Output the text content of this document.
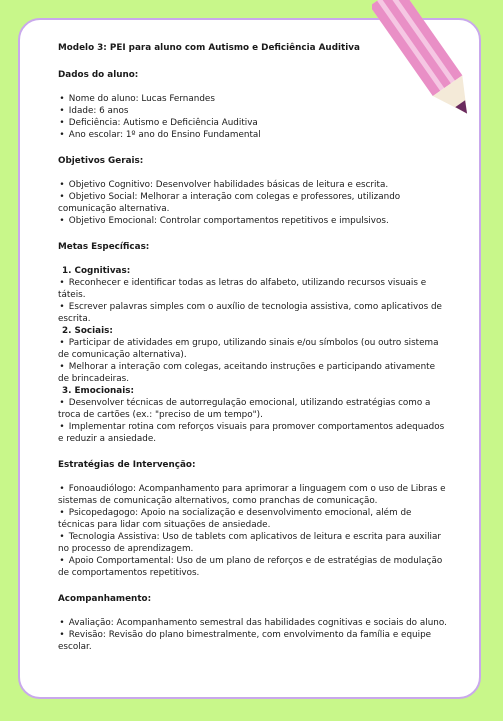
Modelo 3: PEI para aluno com Autismo e Deficiência Auditiva

Dados do aluno:

• Nome do aluno: Lucas Fernandes

• Idade: 6 anos

• Deficiência: Autismo e Deficiência Auditiva

• Ano escolar: 1º ano do Ensino Fundamental

Objetivos Gerais:

• Objetivo Cognitivo: Desenvolver habilidades básicas de leitura e escrita.

• Objetivo Social: Melhorar a interação com colegas e professores, utilizando comunicação alternativa.

• Objetivo Emocional: Controlar comportamentos repetitivos e impulsivos.

Metas Específicas:

1. Cognitivas:

• Reconhecer e identificar todas as letras do alfabeto, utilizando recursos visuais e táteis.

• Escrever palavras simples com o auxílio de tecnologia assistiva, como aplicativos de escrita.

2. Sociais:

• Participar de atividades em grupo, utilizando sinais e/ou símbolos (ou outro sistema de comunicação alternativa).

• Melhorar a interação com colegas, aceitando instruções e participando ativamente de brincadeiras.

3. Emocionais:

• Desenvolver técnicas de autorregulação emocional, utilizando estratégias como a troca de cartões (ex.: "preciso de um tempo").

• Implementar rotina com reforços visuais para promover comportamentos adequados e reduzir a ansiedade.

Estratégias de Intervenção:

• Fonoaudiólogo: Acompanhamento para aprimorar a linguagem com o uso de Libras e sistemas de comunicação alternativos, como pranchas de comunicação.

• Psicopedagogo: Apoio na socialização e desenvolvimento emocional, além de técnicas para lidar com situações de ansiedade.

• Tecnologia Assistiva: Uso de tablets com aplicativos de leitura e escrita para auxiliar no processo de aprendizagem.

• Apoio Comportamental: Uso de um plano de reforços e de estratégias de modulação de comportamentos repetitivos.

Acompanhamento:

• Avaliação: Acompanhamento semestral das habilidades cognitivas e sociais do aluno.

• Revisão: Revisão do plano bimestralmente, com envolvimento da família e equipe escolar.
